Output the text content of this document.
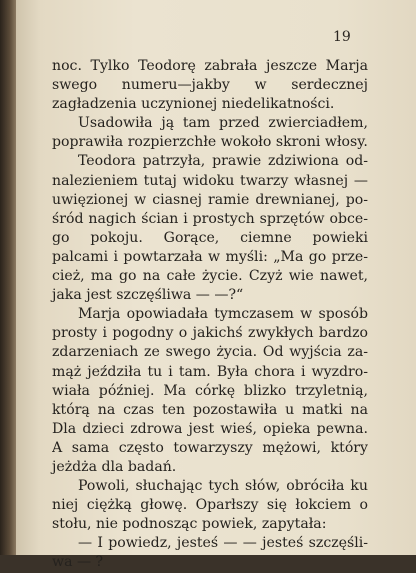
19
noc. Tylko Teodorę zabrała jeszcze Marja
swego numeru—jakby w serdecznej
zagładzenia uczynionej niedelikatności.
Usadowiła ją tam przed zwierciadłem,
poprawiła rozpierzchłe wokoło skroni włosy.
Teodora patrzyła, prawie zdziwiona od-
nalezieniem tutaj widoku twarzy własnej —
uwięzionej w ciasnej ramie drewnianej, po-
śród nagich ścian i prostych sprzętów obce-
go pokoju. Gorące, ciemne powieki
palcami i powtarzała w myśli: „Ma go prze-
cież, ma go na całe życie. Czyż wie nawet,
jaka jest szczęśliwa — —?“
Marja opowiadała tymczasem w sposób
prosty i pogodny o jakichś zwykłych bardzo
zdarzeniach ze swego życia. Od wyjścia za-
mąż jeździła tu i tam. Była chora i wyzdro-
wiała później. Ma córkę blizko trzyletnią,
którą na czas ten pozostawiła u matki na
Dla dzieci zdrowa jest wieś, opieka pewna.
A sama często towarzyszy mężowi, który
jeżdża dla badań.
Powoli, słuchając tych słów, obróciła ku
niej ciężką głowę. Oparłszy się łokciem o
stołu, nie podnosząc powiek, zapytała:
— I powiedz, jesteś — — jesteś szczęśli-
wa — ?
